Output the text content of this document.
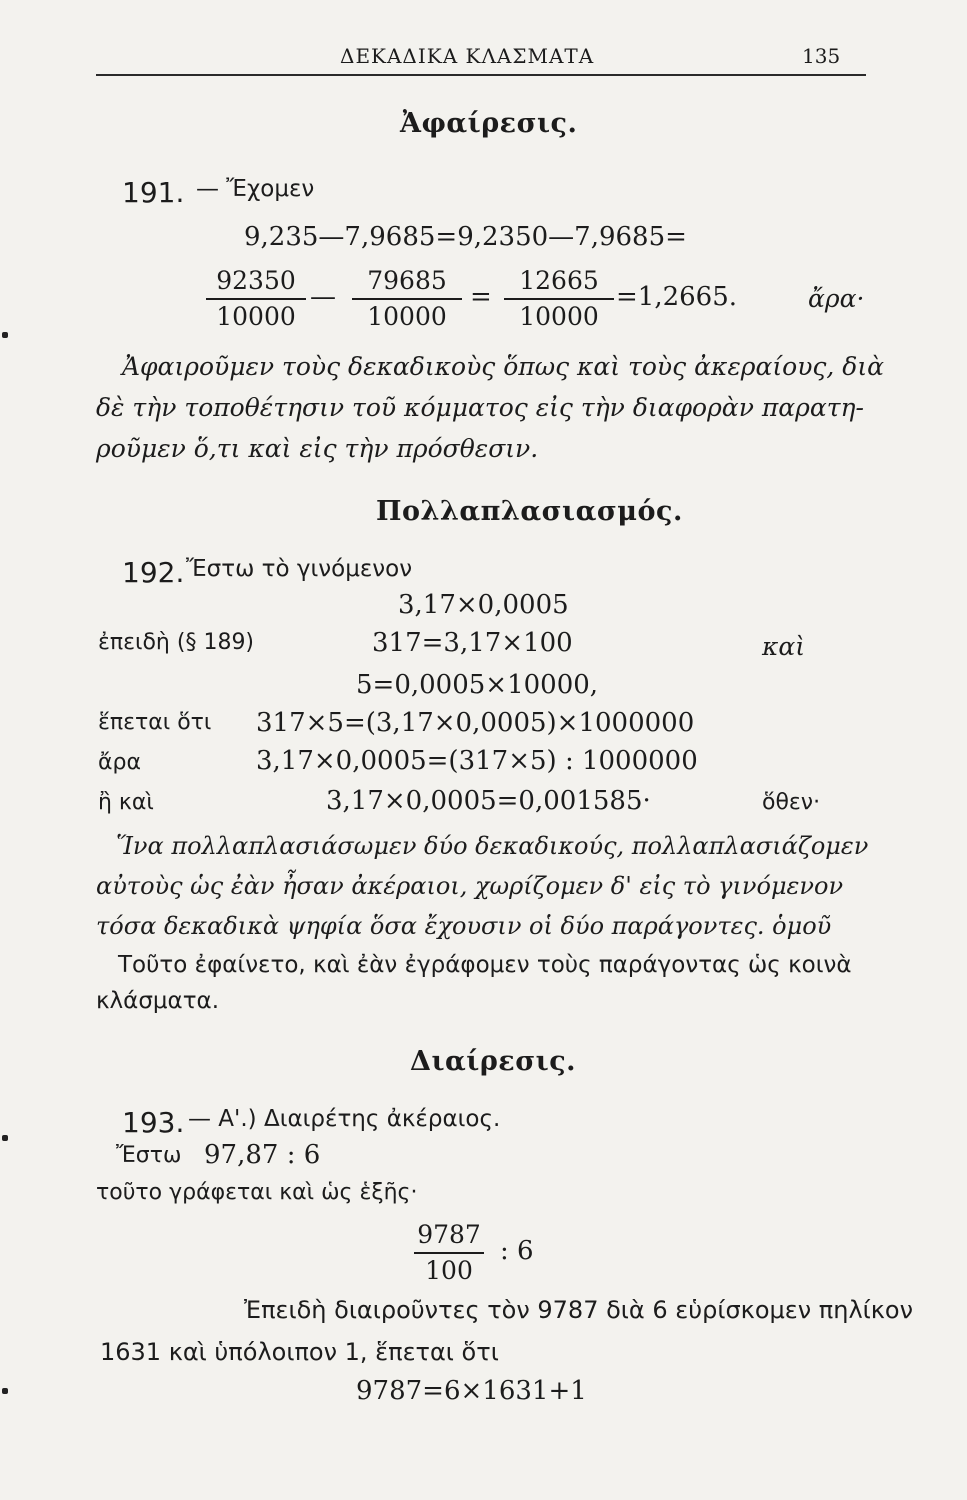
ΔΕΚΑΔΙΚΑ ΚΛΑΣΜΑΤΑ	135
Ἀφαίρεσις.
191. — Ἔχομεν
9,235—7,9685=9,2350—7,9685=
92350
10000
—
79685
10000
=
12665
10000
=1,2665.	ἄρα·
Ἀφαιροῦμεν τοὺς δεκαδικοὺς ὅπως καὶ τοὺς ἀκεραίους, διὰ
δὲ τὴν τοποθέτησιν τοῦ κόμματος εἰς τὴν διαφορὰν παρατη-
ροῦμεν ὅ,τι καὶ εἰς τὴν πρόσθεσιν.
Πολλαπλασιασμός.
192. Ἔστω τὸ γινόμενον
3,17×0,0005
ἐπειδὴ (§ 189)	317=3,17×100	καὶ
5=0,0005×10000,
ἕπεται ὅτι 317×5=(3,17×0,0005)×1000000
ἄρα	3,17×0,0005=(317×5) : 1000000
ἢ καὶ	3,17×0,0005=0,001585·	ὅθεν·
Ἵνα πολλαπλασιάσωμεν δύο δεκαδικούς, πολλαπλασιάζομεν
αὐτοὺς ὡς ἐὰν ἦσαν ἀκέραιοι, χωρίζομεν δ' εἰς τὸ γινόμενον
τόσα δεκαδικὰ ψηφία ὅσα ἔχουσιν οἱ δύο παράγοντες. ὁμοῦ
Τοῦτο ἐφαίνετο, καὶ ἐὰν ἐγράφομεν τοὺς παράγοντας ὡς κοινὰ
κλάσματα.
Διαίρεσις.
193. — Α'.) Διαιρέτης ἀκέραιος.
Ἔστω 97,87 : 6
τοῦτο γράφεται καὶ ὡς ἑξῆς·
9787
100
: 6
Ἐπειδὴ διαιροῦντες τὸν 9787 διὰ 6 εὑρίσκομεν πηλίκον
1631 καὶ ὑπόλοιπον 1, ἕπεται ὅτι
9787=6×1631+1
